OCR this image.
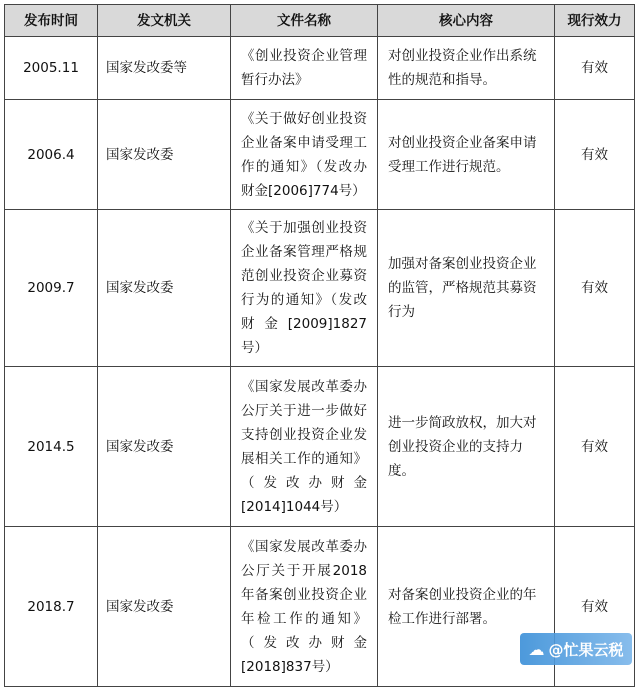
发布时间	发文机关	文件名称	核心内容	现行效力
2005.11	国家发改委等	《创业投资企业管理暂行办法》	对创业投资企业作出系统性的规范和指导。	有效
2006.4	国家发改委	《关于做好创业投资企业备案申请受理工作的通知》（发改办财金[2006]774号）	对创业投资企业备案申请受理工作进行规范。	有效
2009.7	国家发改委	《关于加强创业投资企业备案管理严格规范创业投资企业募资行为的通知》（发改财金[2009]1827号）	加强对备案创业投资企业的监管，严格规范其募资行为	有效
2014.5	国家发改委	《国家发展改革委办公厅关于进一步做好支持创业投资企业发展相关工作的通知》（发改办财金[2014]1044号）	进一步简政放权，加大对创业投资企业的支持力度。	有效
2018.7	国家发改委	《国家发展改革委办公厅关于开展2018年备案创业投资企业年检工作的通知》（发改办财金[2018]837号）	对备案创业投资企业的年检工作进行部署。	有效
☁ @忙果云税
